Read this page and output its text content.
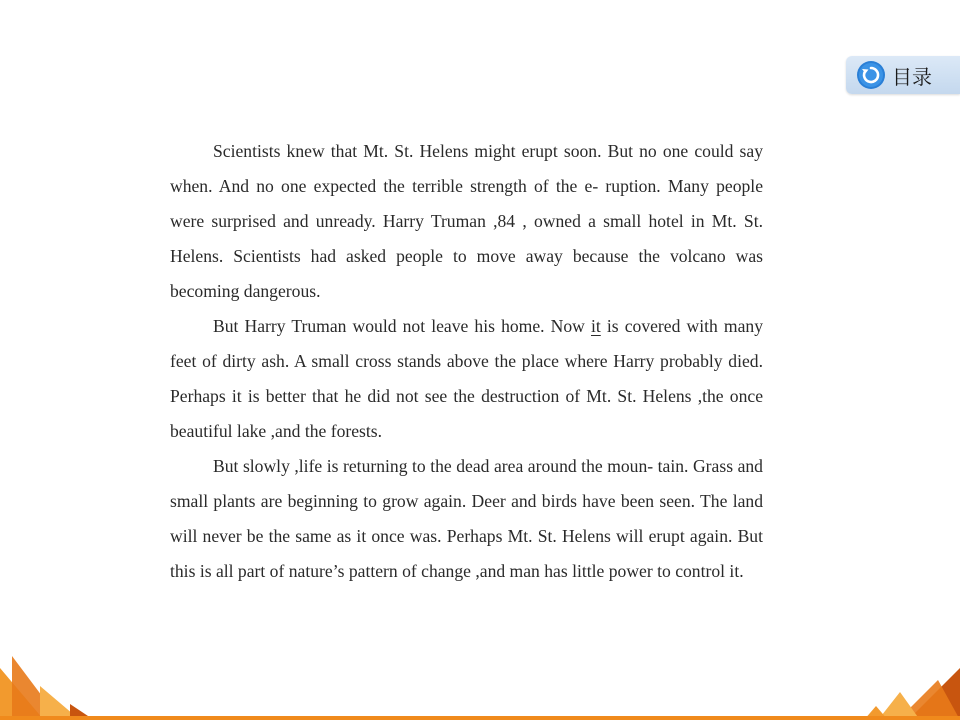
目录

Scientists knew that Mt. St. Helens might erupt soon. But no one could say when. And no one expected the terrible strength of the e- ruption. Many people were surprised and unready. Harry Truman ,84 , owned a small hotel in Mt. St. Helens. Scientists had asked people to move away because the volcano was becoming dangerous.

But Harry Truman would not leave his home. Now it is covered with many feet of dirty ash. A small cross stands above the place where Harry probably died. Perhaps it is better that he did not see the destruction of Mt. St. Helens ,the once beautiful lake ,and the forests.

But slowly ,life is returning to the dead area around the moun- tain. Grass and small plants are beginning to grow again. Deer and birds have been seen. The land will never be the same as it once was. Perhaps Mt. St. Helens will erupt again. But this is all part of nature’s pattern of change ,and man has little power to control it.
